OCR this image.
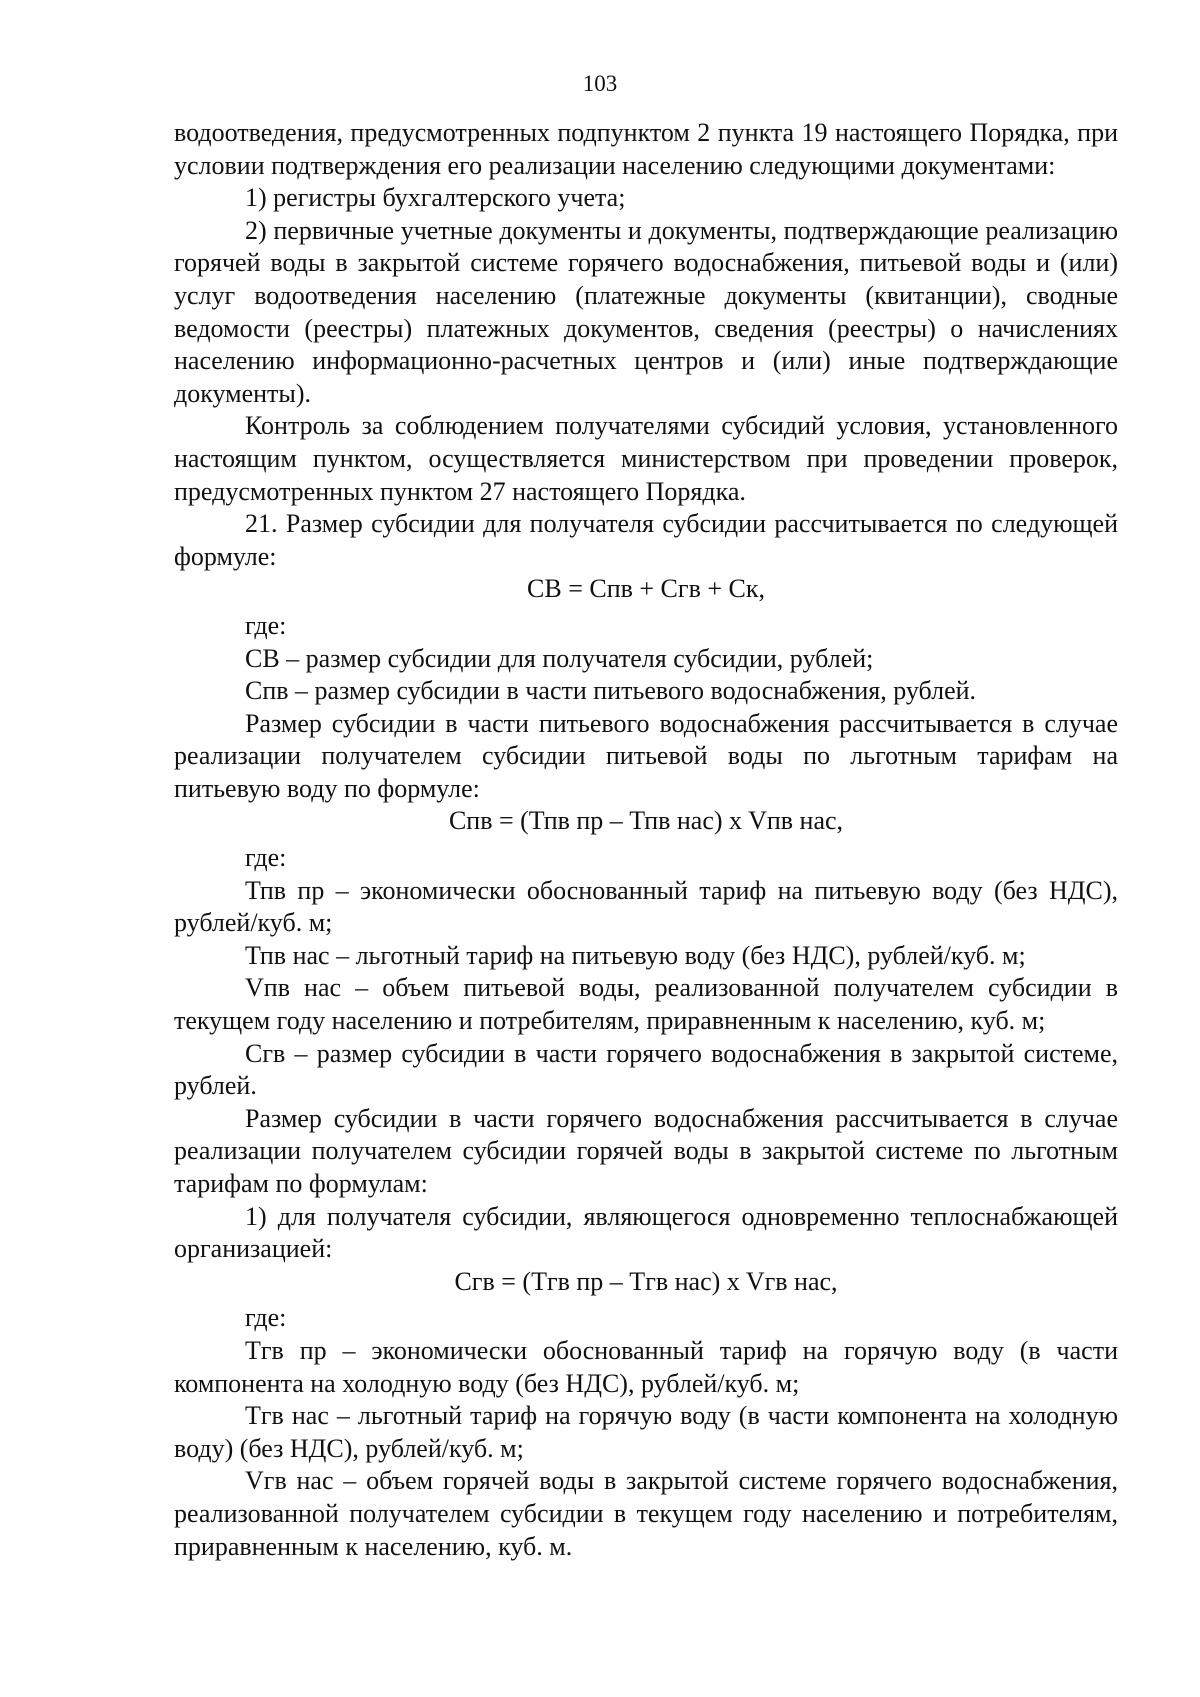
103

водоотведения, предусмотренных подпунктом 2 пункта 19 настоящего Порядка, при условии подтверждения его реализации населению следующими документами:

1) регистры бухгалтерского учета;

2) первичные учетные документы и документы, подтверждающие реализацию горячей воды в закрытой системе горячего водоснабжения, питьевой воды и (или) услуг водоотведения населению (платежные документы (квитанции), сводные ведомости (реестры) платежных документов, сведения (реестры) о начислениях населению информационно-расчетных центров и (или) иные подтверждающие документы).

Контроль за соблюдением получателями субсидий условия, установленного настоящим пунктом, осуществляется министерством при проведении проверок, предусмотренных пунктом 27 настоящего Порядка.

21. Размер субсидии для получателя субсидии рассчитывается по следующей формуле:

СВ = Спв + Сгв + Ск,

где:

СВ – размер субсидии для получателя субсидии, рублей;

Спв – размер субсидии в части питьевого водоснабжения, рублей.

Размер субсидии в части питьевого водоснабжения рассчитывается в случае реализации получателем субсидии питьевой воды по льготным тарифам на питьевую воду по формуле:

Спв = (Тпв пр – Тпв нас) x Vпв нас,

где:

Тпв пр – экономически обоснованный тариф на питьевую воду (без НДС), рублей/куб. м;

Тпв нас – льготный тариф на питьевую воду (без НДС), рублей/куб. м;

Vпв нас – объем питьевой воды, реализованной получателем субсидии в текущем году населению и потребителям, приравненным к населению, куб. м;

Сгв – размер субсидии в части горячего водоснабжения в закрытой системе, рублей.

Размер субсидии в части горячего водоснабжения рассчитывается в случае реализации получателем субсидии горячей воды в закрытой системе по льготным тарифам по формулам:

1) для получателя субсидии, являющегося одновременно теплоснабжающей организацией:

Сгв = (Тгв пр – Тгв нас) x Vгв нас,

где:

Тгв пр – экономически обоснованный тариф на горячую воду (в части компонента на холодную воду (без НДС), рублей/куб. м;

Тгв нас – льготный тариф на горячую воду (в части компонента на холодную воду) (без НДС), рублей/куб. м;

Vгв нас – объем горячей воды в закрытой системе горячего водоснабжения, реализованной получателем субсидии в текущем году населению и потребителям, приравненным к населению, куб. м.
